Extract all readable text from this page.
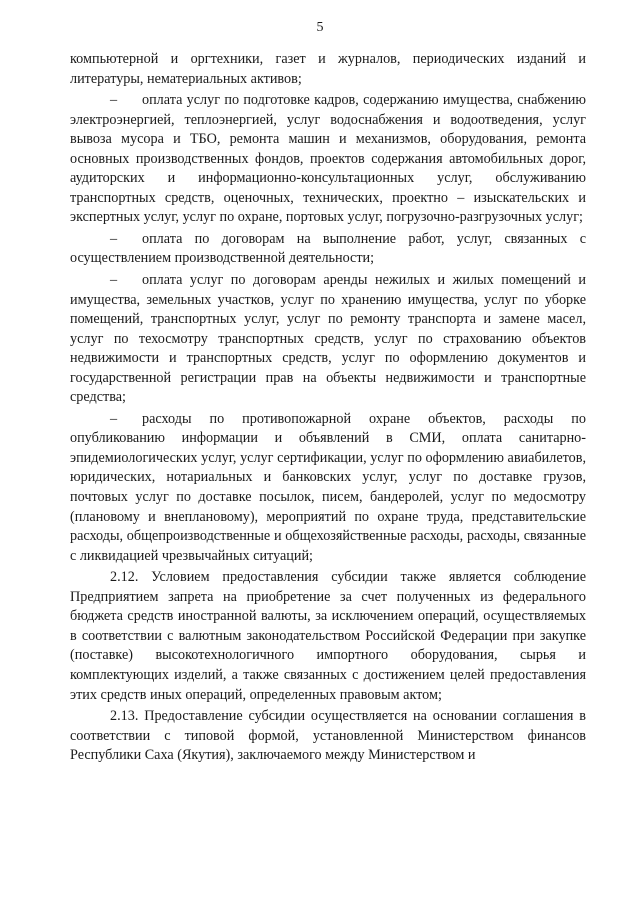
5

компьютерной и оргтехники, газет и журналов, периодических изданий и литературы, нематериальных активов;

– оплата услуг по подготовке кадров, содержанию имущества, снабжению электроэнергией, теплоэнергией, услуг водоснабжения и водоотведения, услуг вывоза мусора и ТБО, ремонта машин и механизмов, оборудования, ремонта основных производственных фондов, проектов содержания автомобильных дорог, аудиторских и информационно-консультационных услуг, обслуживанию транспортных средств, оценочных, технических, проектно – изыскательских и экспертных услуг, услуг по охране, портовых услуг, погрузочно-разгрузочных услуг;

– оплата по договорам на выполнение работ, услуг, связанных с осуществлением производственной деятельности;

– оплата услуг по договорам аренды нежилых и жилых помещений и имущества, земельных участков, услуг по хранению имущества, услуг по уборке помещений, транспортных услуг, услуг по ремонту транспорта и замене масел, услуг по техосмотру транспортных средств, услуг по страхованию объектов недвижимости и транспортных средств, услуг по оформлению документов и государственной регистрации прав на объекты недвижимости и транспортные средства;

– расходы по противопожарной охране объектов, расходы по опубликованию информации и объявлений в СМИ, оплата санитарно-эпидемиологических услуг, услуг сертификации, услуг по оформлению авиабилетов, юридических, нотариальных и банковских услуг, услуг по доставке грузов, почтовых услуг по доставке посылок, писем, бандеролей, услуг по медосмотру (плановому и внеплановому), мероприятий по охране труда, представительские расходы, общепроизводственные и общехозяйственные расходы, расходы, связанные с ликвидацией чрезвычайных ситуаций;

2.12. Условием предоставления субсидии также является соблюдение Предприятием запрета на приобретение за счет полученных из федерального бюджета средств иностранной валюты, за исключением операций, осуществляемых в соответствии с валютным законодательством Российской Федерации при закупке (поставке) высокотехнологичного импортного оборудования, сырья и комплектующих изделий, а также связанных с достижением целей предоставления этих средств иных операций, определенных правовым актом;

2.13. Предоставление субсидии осуществляется на основании соглашения в соответствии с типовой формой, установленной Министерством финансов Республики Саха (Якутия), заключаемого между Министерством и
